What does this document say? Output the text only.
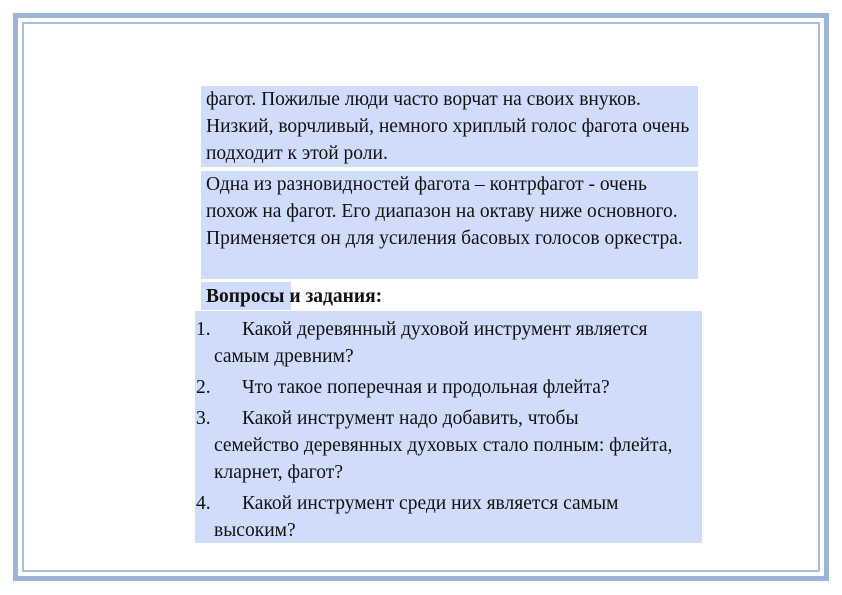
фагот. Пожилые люди часто ворчат на своих внуков. Низкий, ворчливый, немного хриплый голос фагота очень подходит к этой роли.
Одна из разновидностей фагота – контрфагот - очень похож на фагот. Его диапазон на октаву ниже основного. Применяется он для усиления басовых голосов оркестра.
Вопросы и задания:
1. Какой деревянный духовой инструмент является
самым древним?
2. Что такое поперечная и продольная флейта?
3. Какой инструмент надо добавить, чтобы
семейство деревянных духовых стало полным: флейта, кларнет, фагот?
4. Какой инструмент среди них является самым
высоким?
